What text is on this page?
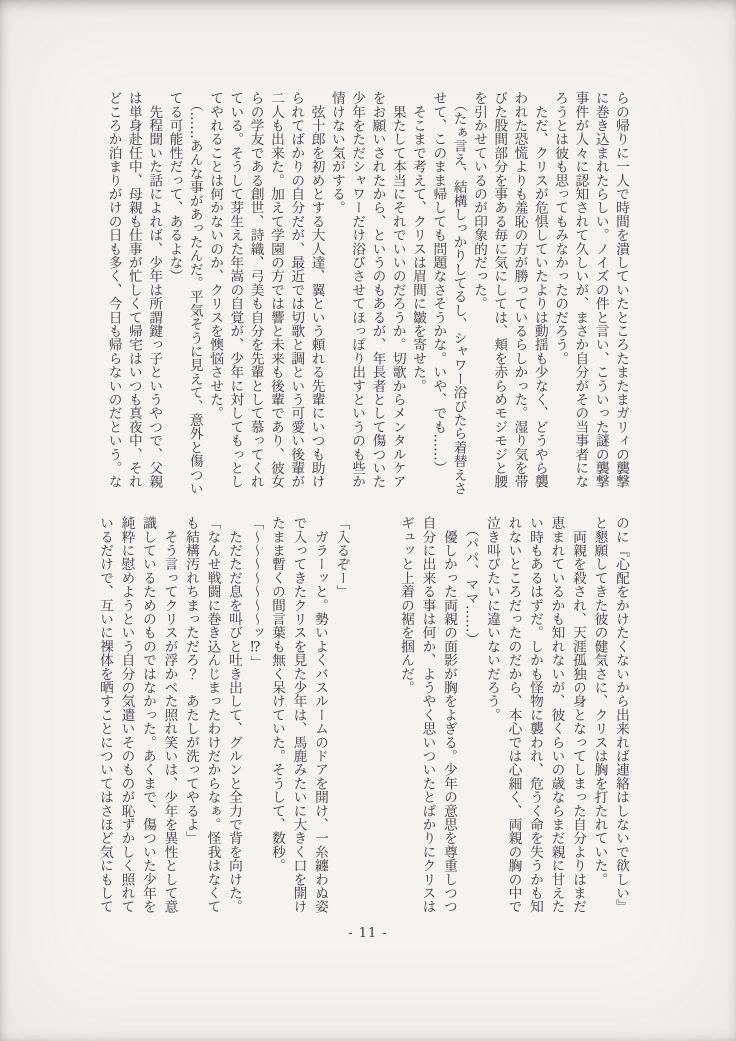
らの帰りに一人で時間を潰していたところたまたまガリィの襲撃

に巻き込まれたらしい。ノイズの件と言い、こういった謎の襲撃

事件が人々に認知されて久しいが、まさか自分がその当事者にな

ろうとは彼も思ってもみなかったのだろう。

　ただ、クリスが危惧していたよりは動揺も少なく、どうやら襲

われた恐慌よりも羞恥の方が勝っているらしかった。湿り気を帯

びた股間部分を事ある毎に気にしては、頬を赤らめモジモジと腰

を引かせているのが印象的だった。

　（たぁ言え、結構しっかりしてるし、シャワー浴びたら着替えさ

せて、このまま帰しても問題なさそうかな。いや、でも……）

　そこまで考えて、クリスは眉間に皺を寄せた。

　果たして本当にそれでいいのだろうか。切歌からメンタルケア

をお願いされたから、というのもあるが、年長者として傷ついた

少年をただシャワーだけ浴びさせてほっぽり出すというのも些か

情けない気がする。

　弦十郎を初めとする大人達、翼という頼れる先輩にいつも助け

られてばかりの自分だが、最近では切歌と調という可愛い後輩が

二人も出来た。加えて学園の方では響と未来も後輩であり、彼女

らの学友である創世、詩織、弓美も自分を先輩として慕ってくれ

ている。そうして芽生えた年嵩の自覚が、少年に対してもっとし

てやれることは何かないのか、クリスを懊悩させた。

　（……あんな事があったんだ。平気そうに見えて、意外と傷つい

てる可能性だって、あるよな）

　先程聞いた話によれば、少年は所謂鍵っ子というやつで、父親

は単身赴任中、母親も仕事が忙しくて帰宅はいつも真夜中、それ

どころか泊まりがけの日も多く、今日も帰らないのだという。な

のに『心配をかけたくないから出来れば連絡はしないで欲しい』

と懇願してきた彼の健気さに、クリスは胸を打たれていた。

　両親を殺され、天涯孤独の身となってしまった自分よりはまだ

恵まれているかも知れないが、彼くらいの歳ならまだ親に甘えた

い時もあるはずだ。しかも怪物に襲われ、危うく命を失うかも知

れないところだったのだから、本心では心細く、両親の胸の中で

泣き叫びたいに違いないだろう。

　（パパ、ママ……）

　優しかった両親の面影が胸をよぎる。少年の意思を尊重しつつ

自分に出来る事は何か、ようやく思いついたとばかりにクリスは

ギュッと上着の裾を掴んだ。

「入るぞー」

　ガラーッと。勢いよくバスルームのドアを開け、一糸纏わぬ姿

で入ってきたクリスを見た少年は、馬鹿みたいに大きく口を開け

たまま暫くの間言葉も無く呆けていた。そうして、数秒。

「〜〜〜〜〜〜〜ッ⁉」

　ただただ息を叫びと吐き出して、グルンと全力で背を向けた。

「なんせ戦闘に巻き込んじまったわけだからなぁ。怪我はなくて

も結構汚れちまっただろ？　あたしが洗ってやるよ」

　そう言ってクリスが浮かべた照れ笑いは、少年を異性として意

識しているためのものではなかった。あくまで、傷ついた少年を

純粋に慰めようという自分の気遣いそのものが恥ずかしく照れて

いるだけで、互いに裸体を晒すことについてはさほど気にもして

- 11 -
